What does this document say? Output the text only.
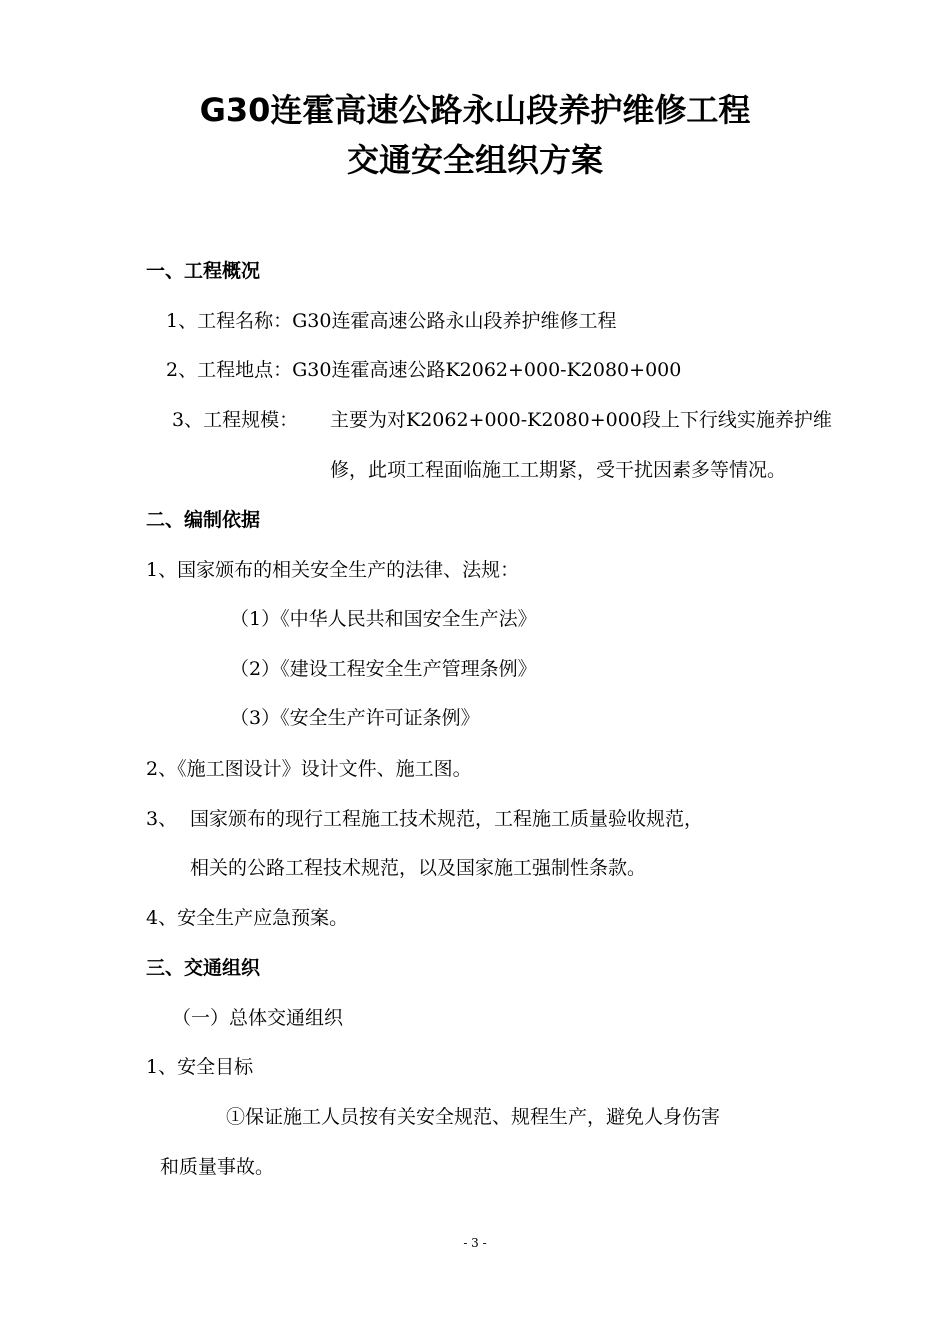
G30连霍高速公路永山段养护维修工程
交通安全组织方案
一、工程概况
1、工程名称：G30连霍高速公路永山段养护维修工程
2、工程地点：G30连霍高速公路K2062+000-K2080+000
3、工程规模： 主要为对K2062+000-K2080+000段上下行线实施养护维
修，此项工程面临施工工期紧，受干扰因素多等情况。
二、编制依据
1、国家颁布的相关安全生产的法律、法规：
（1）《中华人民共和国安全生产法》
（2）《建设工程安全生产管理条例》
（3）《安全生产许可证条例》
2、《施工图设计》设计文件、施工图。
3、 国家颁布的现行工程施工技术规范，工程施工质量验收规范，
相关的公路工程技术规范，以及国家施工强制性条款。
4、安全生产应急预案。
三、交通组织
（一）总体交通组织
1、安全目标
①保证施工人员按有关安全规范、规程生产，避免人身伤害
和质量事故。
- 3 -
